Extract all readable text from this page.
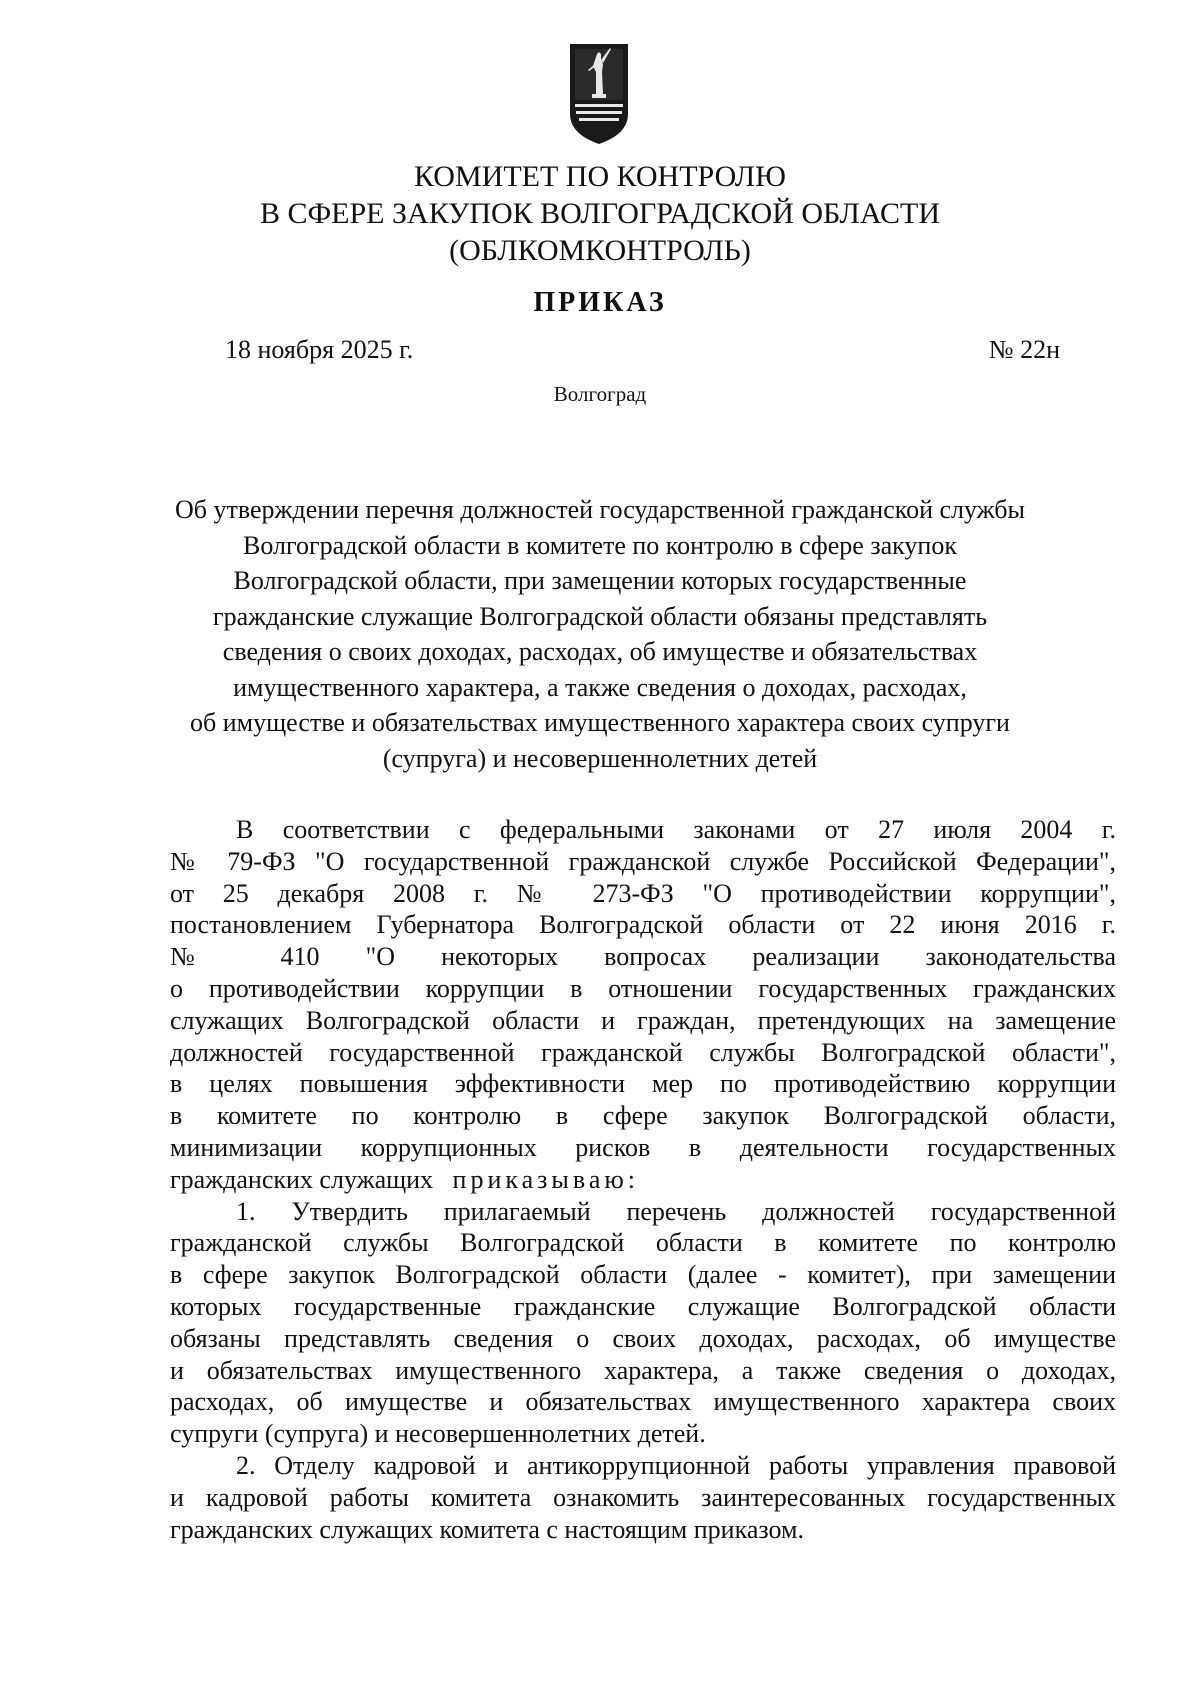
КОМИТЕТ ПО КОНТРОЛЮ
В СФЕРЕ ЗАКУПОК ВОЛГОГРАДСКОЙ ОБЛАСТИ
(ОБЛКОМКОНТРОЛЬ)
ПРИКАЗ
18 ноября 2025 г.	№ 22н
Волгоград
Об утверждении перечня должностей государственной гражданской службы
Волгоградской области в комитете по контролю в сфере закупок
Волгоградской области, при замещении которых государственные
гражданские служащие Волгоградской области обязаны представлять
сведения о своих доходах, расходах, об имуществе и обязательствах
имущественного характера, а также сведения о доходах, расходах,
об имуществе и обязательствах имущественного характера своих супруги
(супруга) и несовершеннолетних детей
В соответствии с федеральными законами от 27 июля 2004 г.
№ 79-ФЗ "О государственной гражданской службе Российской Федерации",
от 25 декабря 2008 г. № 273-ФЗ "О противодействии коррупции",
постановлением Губернатора Волгоградской области от 22 июня 2016 г.
№ 410 "О некоторых вопросах реализации законодательства
о противодействии коррупции в отношении государственных гражданских
служащих Волгоградской области и граждан, претендующих на замещение
должностей государственной гражданской службы Волгоградской области",
в целях повышения эффективности мер по противодействию коррупции
в комитете по контролю в сфере закупок Волгоградской области,
минимизации коррупционных рисков в деятельности государственных
гражданских служащих приказываю:
1. Утвердить прилагаемый перечень должностей государственной
гражданской службы Волгоградской области в комитете по контролю
в сфере закупок Волгоградской области (далее - комитет), при замещении
которых государственные гражданские служащие Волгоградской области
обязаны представлять сведения о своих доходах, расходах, об имуществе
и обязательствах имущественного характера, а также сведения о доходах,
расходах, об имуществе и обязательствах имущественного характера своих
супруги (супруга) и несовершеннолетних детей.
2. Отделу кадровой и антикоррупционной работы управления правовой
и кадровой работы комитета ознакомить заинтересованных государственных
гражданских служащих комитета с настоящим приказом.
